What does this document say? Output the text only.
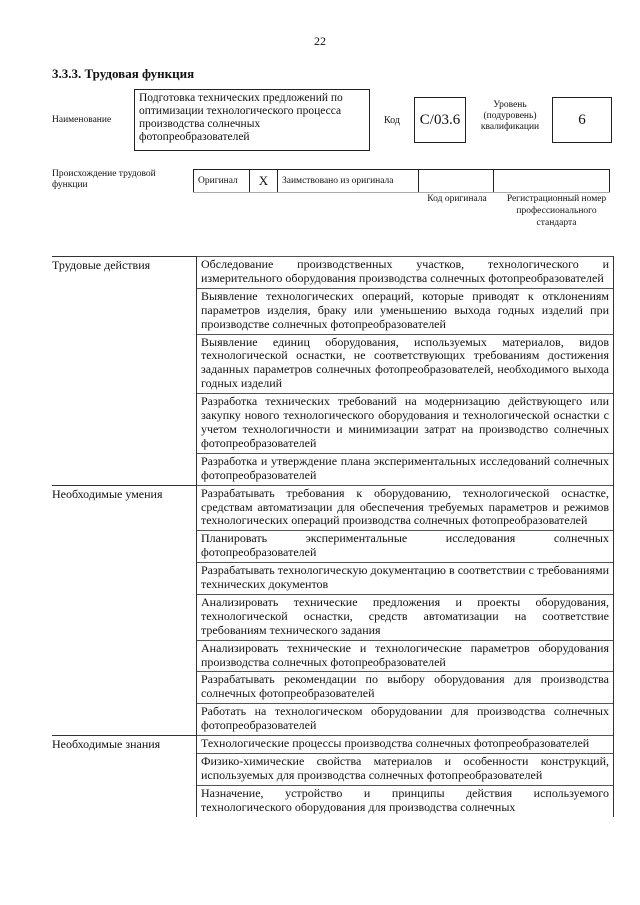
22
3.3.3. Трудовая функция
Наименование
Подготовка технических предложений по оптимизации технологического процесса производства солнечных фотопреобразователей
Код С/03.6
Уровень (подуровень) квалификации	6
Происхождение трудовой функции	Оригинал	X	Заимствовано из оригинала
Код оригинала	Регистрационный номер профессионального стандарта
Трудовые действия	Обследование производственных участков, технологического и измерительного оборудования производства солнечных фотопреобразователей
	Выявление технологических операций, которые приводят к отклонениям параметров изделия, браку или уменьшению выхода годных изделий при производстве солнечных фотопреобразователей
	Выявление единиц оборудования, используемых материалов, видов технологической оснастки, не соответствующих требованиям достижения заданных параметров солнечных фотопреобразователей, необходимого выхода годных изделий
	Разработка технических требований на модернизацию действующего или закупку нового технологического оборудования и технологической оснастки с учетом технологичности и минимизации затрат на производство солнечных фотопреобразователей
	Разработка и утверждение плана экспериментальных исследований солнечных фотопреобразователей
Необходимые умения	Разрабатывать требования к оборудованию, технологической оснастке, средствам автоматизации для обеспечения требуемых параметров и режимов технологических операций производства солнечных фотопреобразователей
	Планировать экспериментальные исследования солнечных фотопреобразователей
	Разрабатывать технологическую документацию в соответствии с требованиями технических документов
	Анализировать технические предложения и проекты оборудования, технологической оснастки, средств автоматизации на соответствие требованиям технического задания
	Анализировать технические и технологические параметров оборудования производства солнечных фотопреобразователей
	Разрабатывать рекомендации по выбору оборудования для производства солнечных фотопреобразователей
	Работать на технологическом оборудовании для производства солнечных фотопреобразователей
Необходимые знания	Технологические процессы производства солнечных фотопреобразователей
	Физико-химические свойства материалов и особенности конструкций, используемых для производства солнечных фотопреобразователей
	Назначение, устройство и принципы действия используемого технологического оборудования для производства солнечных
